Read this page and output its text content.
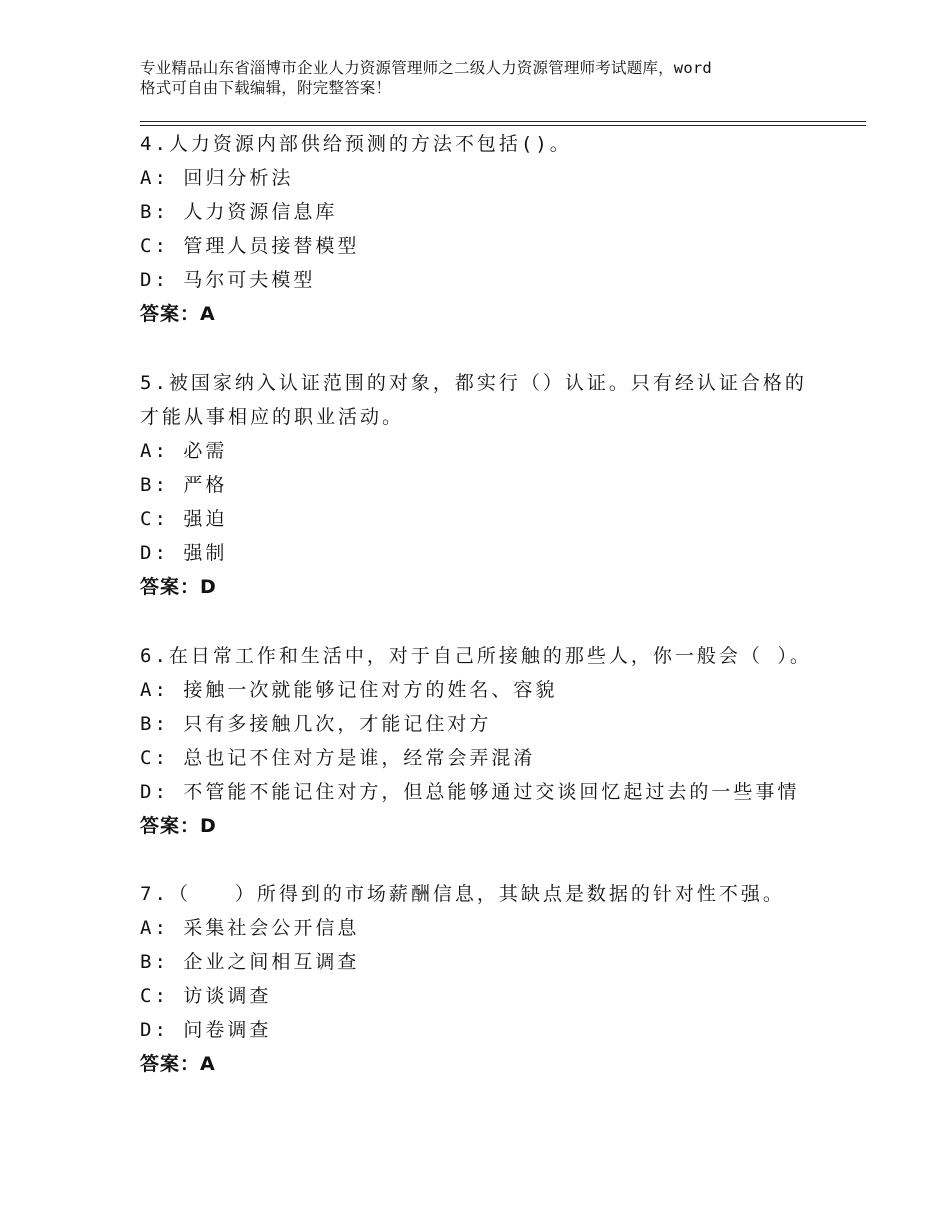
专业精品山东省淄博市企业人力资源管理师之二级人力资源管理师考试题库，word
格式可自由下载编辑，附完整答案！
4.人力资源内部供给预测的方法不包括()。
A: 回归分析法
B: 人力资源信息库
C: 管理人员接替模型
D: 马尔可夫模型
答案：A
5.被国家纳入认证范围的对象，都实行（）认证。只有经认证合格的
才能从事相应的职业活动。
A: 必需
B: 严格
C: 强迫
D: 强制
答案：D
6.在日常工作和生活中，对于自己所接触的那些人，你一般会（ ）。
A: 接触一次就能够记住对方的姓名、容貌
B: 只有多接触几次，才能记住对方
C: 总也记不住对方是谁，经常会弄混淆
D: 不管能不能记住对方，但总能够通过交谈回忆起过去的一些事情
答案：D
7.（　　）所得到的市场薪酬信息，其缺点是数据的针对性不强。
A: 采集社会公开信息
B: 企业之间相互调查
C: 访谈调查
D: 问卷调查
答案：A
